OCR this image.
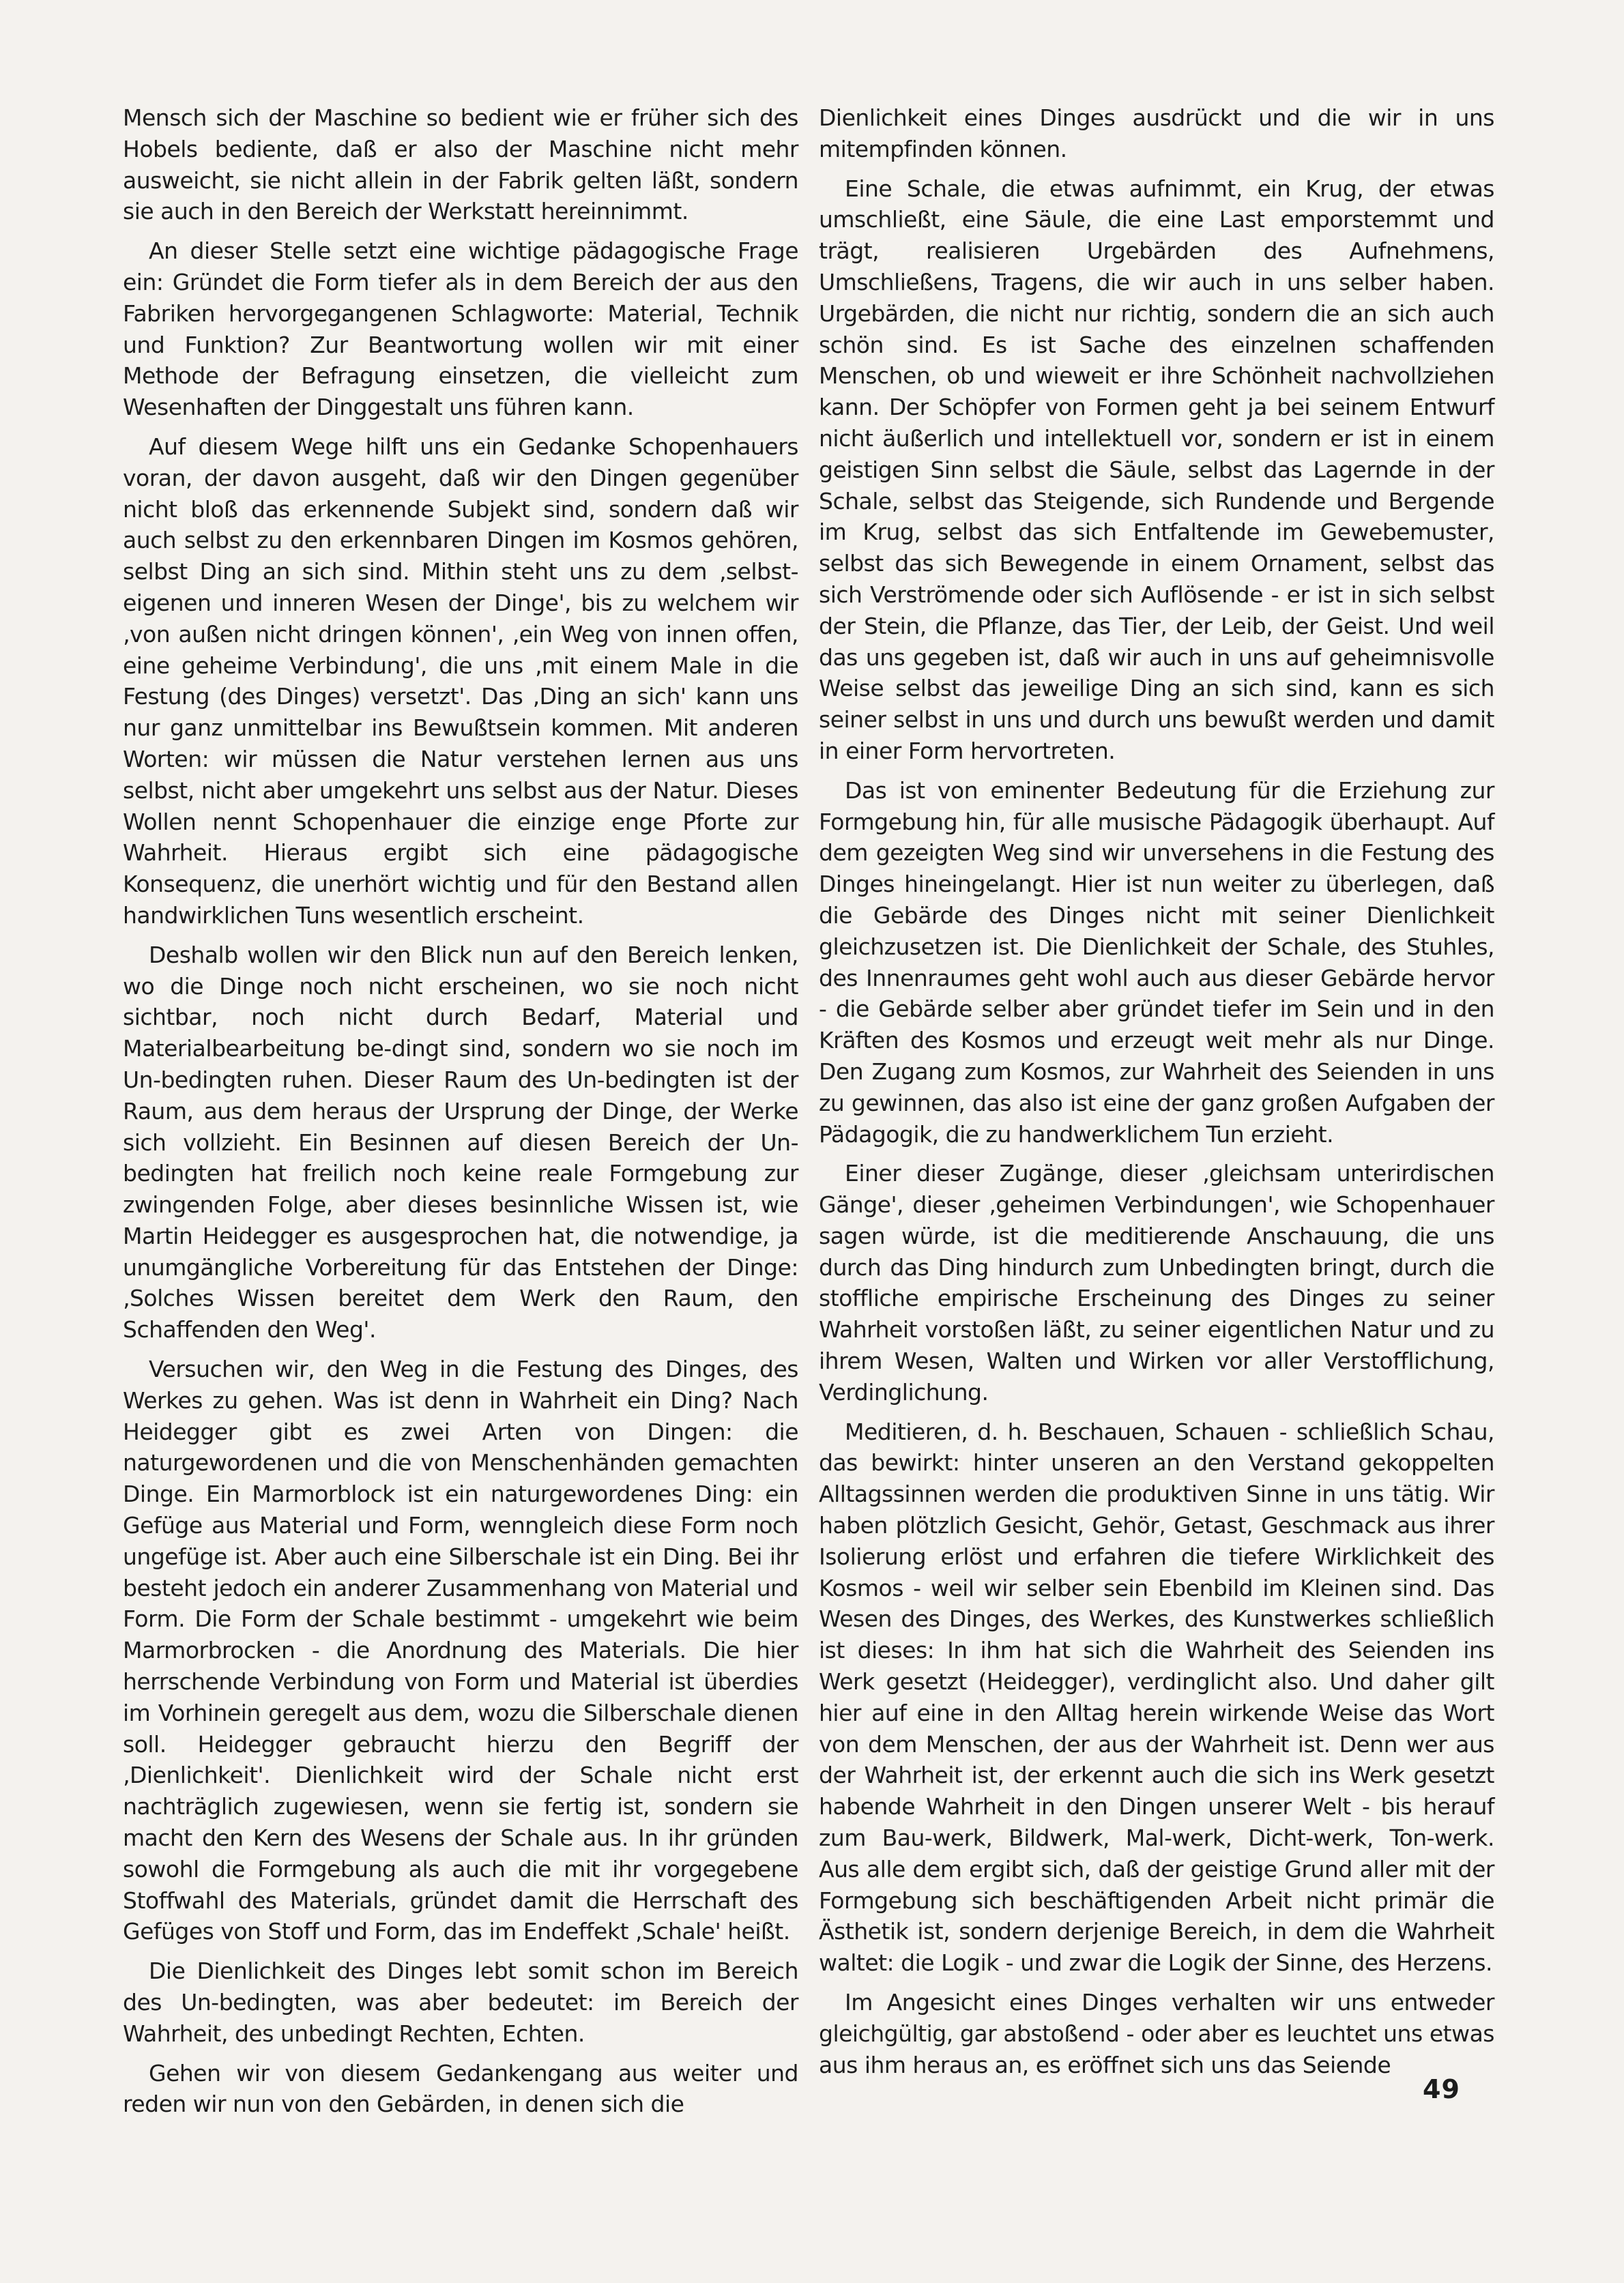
Mensch sich der Maschine so bedient wie er früher sich des Hobels bediente, daß er also der Maschine nicht mehr ausweicht, sie nicht allein in der Fabrik gelten läßt, sondern sie auch in den Bereich der Werkstatt hereinnimmt.

An dieser Stelle setzt eine wichtige pädagogische Frage ein: Gründet die Form tiefer als in dem Bereich der aus den Fabriken hervorgegangenen Schlagworte: Material, Technik und Funktion? Zur Beantwortung wollen wir mit einer Methode der Befragung einsetzen, die vielleicht zum Wesenhaften der Dinggestalt uns führen kann.

Auf diesem Wege hilft uns ein Gedanke Schopenhauers voran, der davon ausgeht, daß wir den Dingen gegenüber nicht bloß das erkennende Subjekt sind, sondern daß wir auch selbst zu den erkennbaren Dingen im Kosmos gehören, selbst Ding an sich sind. Mithin steht uns zu dem ‚selbst-eigenen und inneren Wesen der Dinge', bis zu welchem wir ‚von außen nicht dringen können', ‚ein Weg von innen offen, eine geheime Verbindung', die uns ‚mit einem Male in die Festung (des Dinges) versetzt'. Das ‚Ding an sich' kann uns nur ganz unmittelbar ins Bewußtsein kommen. Mit anderen Worten: wir müssen die Natur verstehen lernen aus uns selbst, nicht aber umgekehrt uns selbst aus der Natur. Dieses Wollen nennt Schopenhauer die einzige enge Pforte zur Wahrheit. Hieraus ergibt sich eine pädagogische Konsequenz, die unerhört wichtig und für den Bestand allen handwirklichen Tuns wesentlich erscheint.

Deshalb wollen wir den Blick nun auf den Bereich lenken, wo die Dinge noch nicht erscheinen, wo sie noch nicht sichtbar, noch nicht durch Bedarf, Material und Materialbearbeitung be-dingt sind, sondern wo sie noch im Un-bedingten ruhen. Dieser Raum des Un-bedingten ist der Raum, aus dem heraus der Ursprung der Dinge, der Werke sich vollzieht. Ein Besinnen auf diesen Bereich der Un-bedingten hat freilich noch keine reale Formgebung zur zwingenden Folge, aber dieses besinnliche Wissen ist, wie Martin Heidegger es ausgesprochen hat, die notwendige, ja unumgängliche Vorbereitung für das Entstehen der Dinge: ‚Solches Wissen bereitet dem Werk den Raum, den Schaffenden den Weg'.

Versuchen wir, den Weg in die Festung des Dinges, des Werkes zu gehen. Was ist denn in Wahrheit ein Ding? Nach Heidegger gibt es zwei Arten von Dingen: die naturgewordenen und die von Menschenhänden gemachten Dinge. Ein Marmorblock ist ein naturgewordenes Ding: ein Gefüge aus Material und Form, wenngleich diese Form noch ungefüge ist. Aber auch eine Silberschale ist ein Ding. Bei ihr besteht jedoch ein anderer Zusammenhang von Material und Form. Die Form der Schale bestimmt - umgekehrt wie beim Marmorbrocken - die Anordnung des Materials. Die hier herrschende Verbindung von Form und Material ist überdies im Vorhinein geregelt aus dem, wozu die Silberschale dienen soll. Heidegger gebraucht hierzu den Begriff der ‚Dienlichkeit'. Dienlichkeit wird der Schale nicht erst nachträglich zugewiesen, wenn sie fertig ist, sondern sie macht den Kern des Wesens der Schale aus. In ihr gründen sowohl die Formgebung als auch die mit ihr vorgegebene Stoffwahl des Materials, gründet damit die Herrschaft des Gefüges von Stoff und Form, das im Endeffekt ‚Schale' heißt.

Die Dienlichkeit des Dinges lebt somit schon im Bereich des Un-bedingten, was aber bedeutet: im Bereich der Wahrheit, des unbedingt Rechten, Echten.

Gehen wir von diesem Gedankengang aus weiter und reden wir nun von den Gebärden, in denen sich die

Dienlichkeit eines Dinges ausdrückt und die wir in uns mitempfinden können.

Eine Schale, die etwas aufnimmt, ein Krug, der etwas umschließt, eine Säule, die eine Last emporstemmt und trägt, realisieren Urgebärden des Aufnehmens, Umschließens, Tragens, die wir auch in uns selber haben. Urgebärden, die nicht nur richtig, sondern die an sich auch schön sind. Es ist Sache des einzelnen schaffenden Menschen, ob und wieweit er ihre Schönheit nachvollziehen kann. Der Schöpfer von Formen geht ja bei seinem Entwurf nicht äußerlich und intellektuell vor, sondern er ist in einem geistigen Sinn selbst die Säule, selbst das Lagernde in der Schale, selbst das Steigende, sich Rundende und Bergende im Krug, selbst das sich Entfaltende im Gewebemuster, selbst das sich Bewegende in einem Ornament, selbst das sich Verströmende oder sich Auflösende - er ist in sich selbst der Stein, die Pflanze, das Tier, der Leib, der Geist. Und weil das uns gegeben ist, daß wir auch in uns auf geheimnisvolle Weise selbst das jeweilige Ding an sich sind, kann es sich seiner selbst in uns und durch uns bewußt werden und damit in einer Form hervortreten.

Das ist von eminenter Bedeutung für die Erziehung zur Formgebung hin, für alle musische Pädagogik überhaupt. Auf dem gezeigten Weg sind wir unversehens in die Festung des Dinges hineingelangt. Hier ist nun weiter zu überlegen, daß die Gebärde des Dinges nicht mit seiner Dienlichkeit gleichzusetzen ist. Die Dienlichkeit der Schale, des Stuhles, des Innenraumes geht wohl auch aus dieser Gebärde hervor - die Gebärde selber aber gründet tiefer im Sein und in den Kräften des Kosmos und erzeugt weit mehr als nur Dinge. Den Zugang zum Kosmos, zur Wahrheit des Seienden in uns zu gewinnen, das also ist eine der ganz großen Aufgaben der Pädagogik, die zu handwerklichem Tun erzieht.

Einer dieser Zugänge, dieser ‚gleichsam unterirdischen Gänge', dieser ‚geheimen Verbindungen', wie Schopenhauer sagen würde, ist die meditierende Anschauung, die uns durch das Ding hindurch zum Unbedingten bringt, durch die stoffliche empirische Erscheinung des Dinges zu seiner Wahrheit vorstoßen läßt, zu seiner eigentlichen Natur und zu ihrem Wesen, Walten und Wirken vor aller Verstofflichung, Verdinglichung.

Meditieren, d. h. Beschauen, Schauen - schließlich Schau, das bewirkt: hinter unseren an den Verstand gekoppelten Alltagssinnen werden die produktiven Sinne in uns tätig. Wir haben plötzlich Gesicht, Gehör, Getast, Geschmack aus ihrer Isolierung erlöst und erfahren die tiefere Wirklichkeit des Kosmos - weil wir selber sein Ebenbild im Kleinen sind. Das Wesen des Dinges, des Werkes, des Kunstwerkes schließlich ist dieses: In ihm hat sich die Wahrheit des Seienden ins Werk gesetzt (Heidegger), verdinglicht also. Und daher gilt hier auf eine in den Alltag herein wirkende Weise das Wort von dem Menschen, der aus der Wahrheit ist. Denn wer aus der Wahrheit ist, der erkennt auch die sich ins Werk gesetzt habende Wahrheit in den Dingen unserer Welt - bis herauf zum Bau-werk, Bildwerk, Mal-werk, Dicht-werk, Ton-werk. Aus alle dem ergibt sich, daß der geistige Grund aller mit der Formgebung sich beschäftigenden Arbeit nicht primär die Ästhetik ist, sondern derjenige Bereich, in dem die Wahrheit waltet: die Logik - und zwar die Logik der Sinne, des Herzens.

Im Angesicht eines Dinges verhalten wir uns entweder gleichgültig, gar abstoßend - oder aber es leuchtet uns etwas aus ihm heraus an, es eröffnet sich uns das Seiende

49
